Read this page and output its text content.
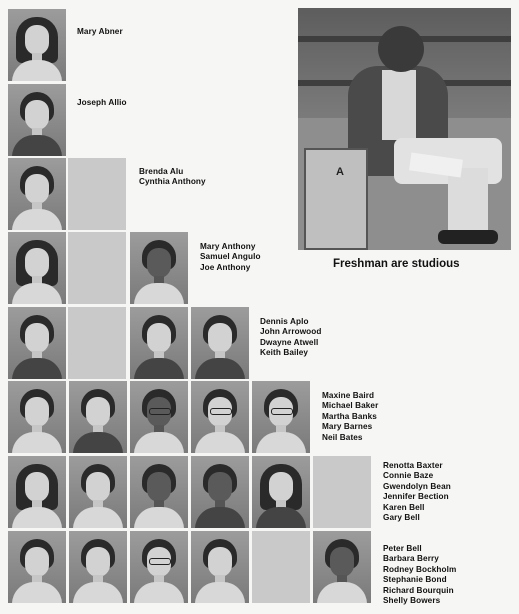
Mary Abner
Joseph Allio
Brenda Alu
Cynthia Anthony
Mary Anthony
Samuel Angulo
Joe Anthony
Dennis Aplo
John Arrowood
Dwayne Atwell
Keith Bailey
Maxine Baird
Michael Baker
Martha Banks
Mary Barnes
Neil Bates
Renotta Baxter
Connie Baze
Gwendolyn Bean
Jennifer Bection
Karen Bell
Gary Bell
Peter Bell
Barbara Berry
Rodney Bockholm
Stephanie Bond
Richard Bourquin
Shelly Bowers
A
Freshman are studious
